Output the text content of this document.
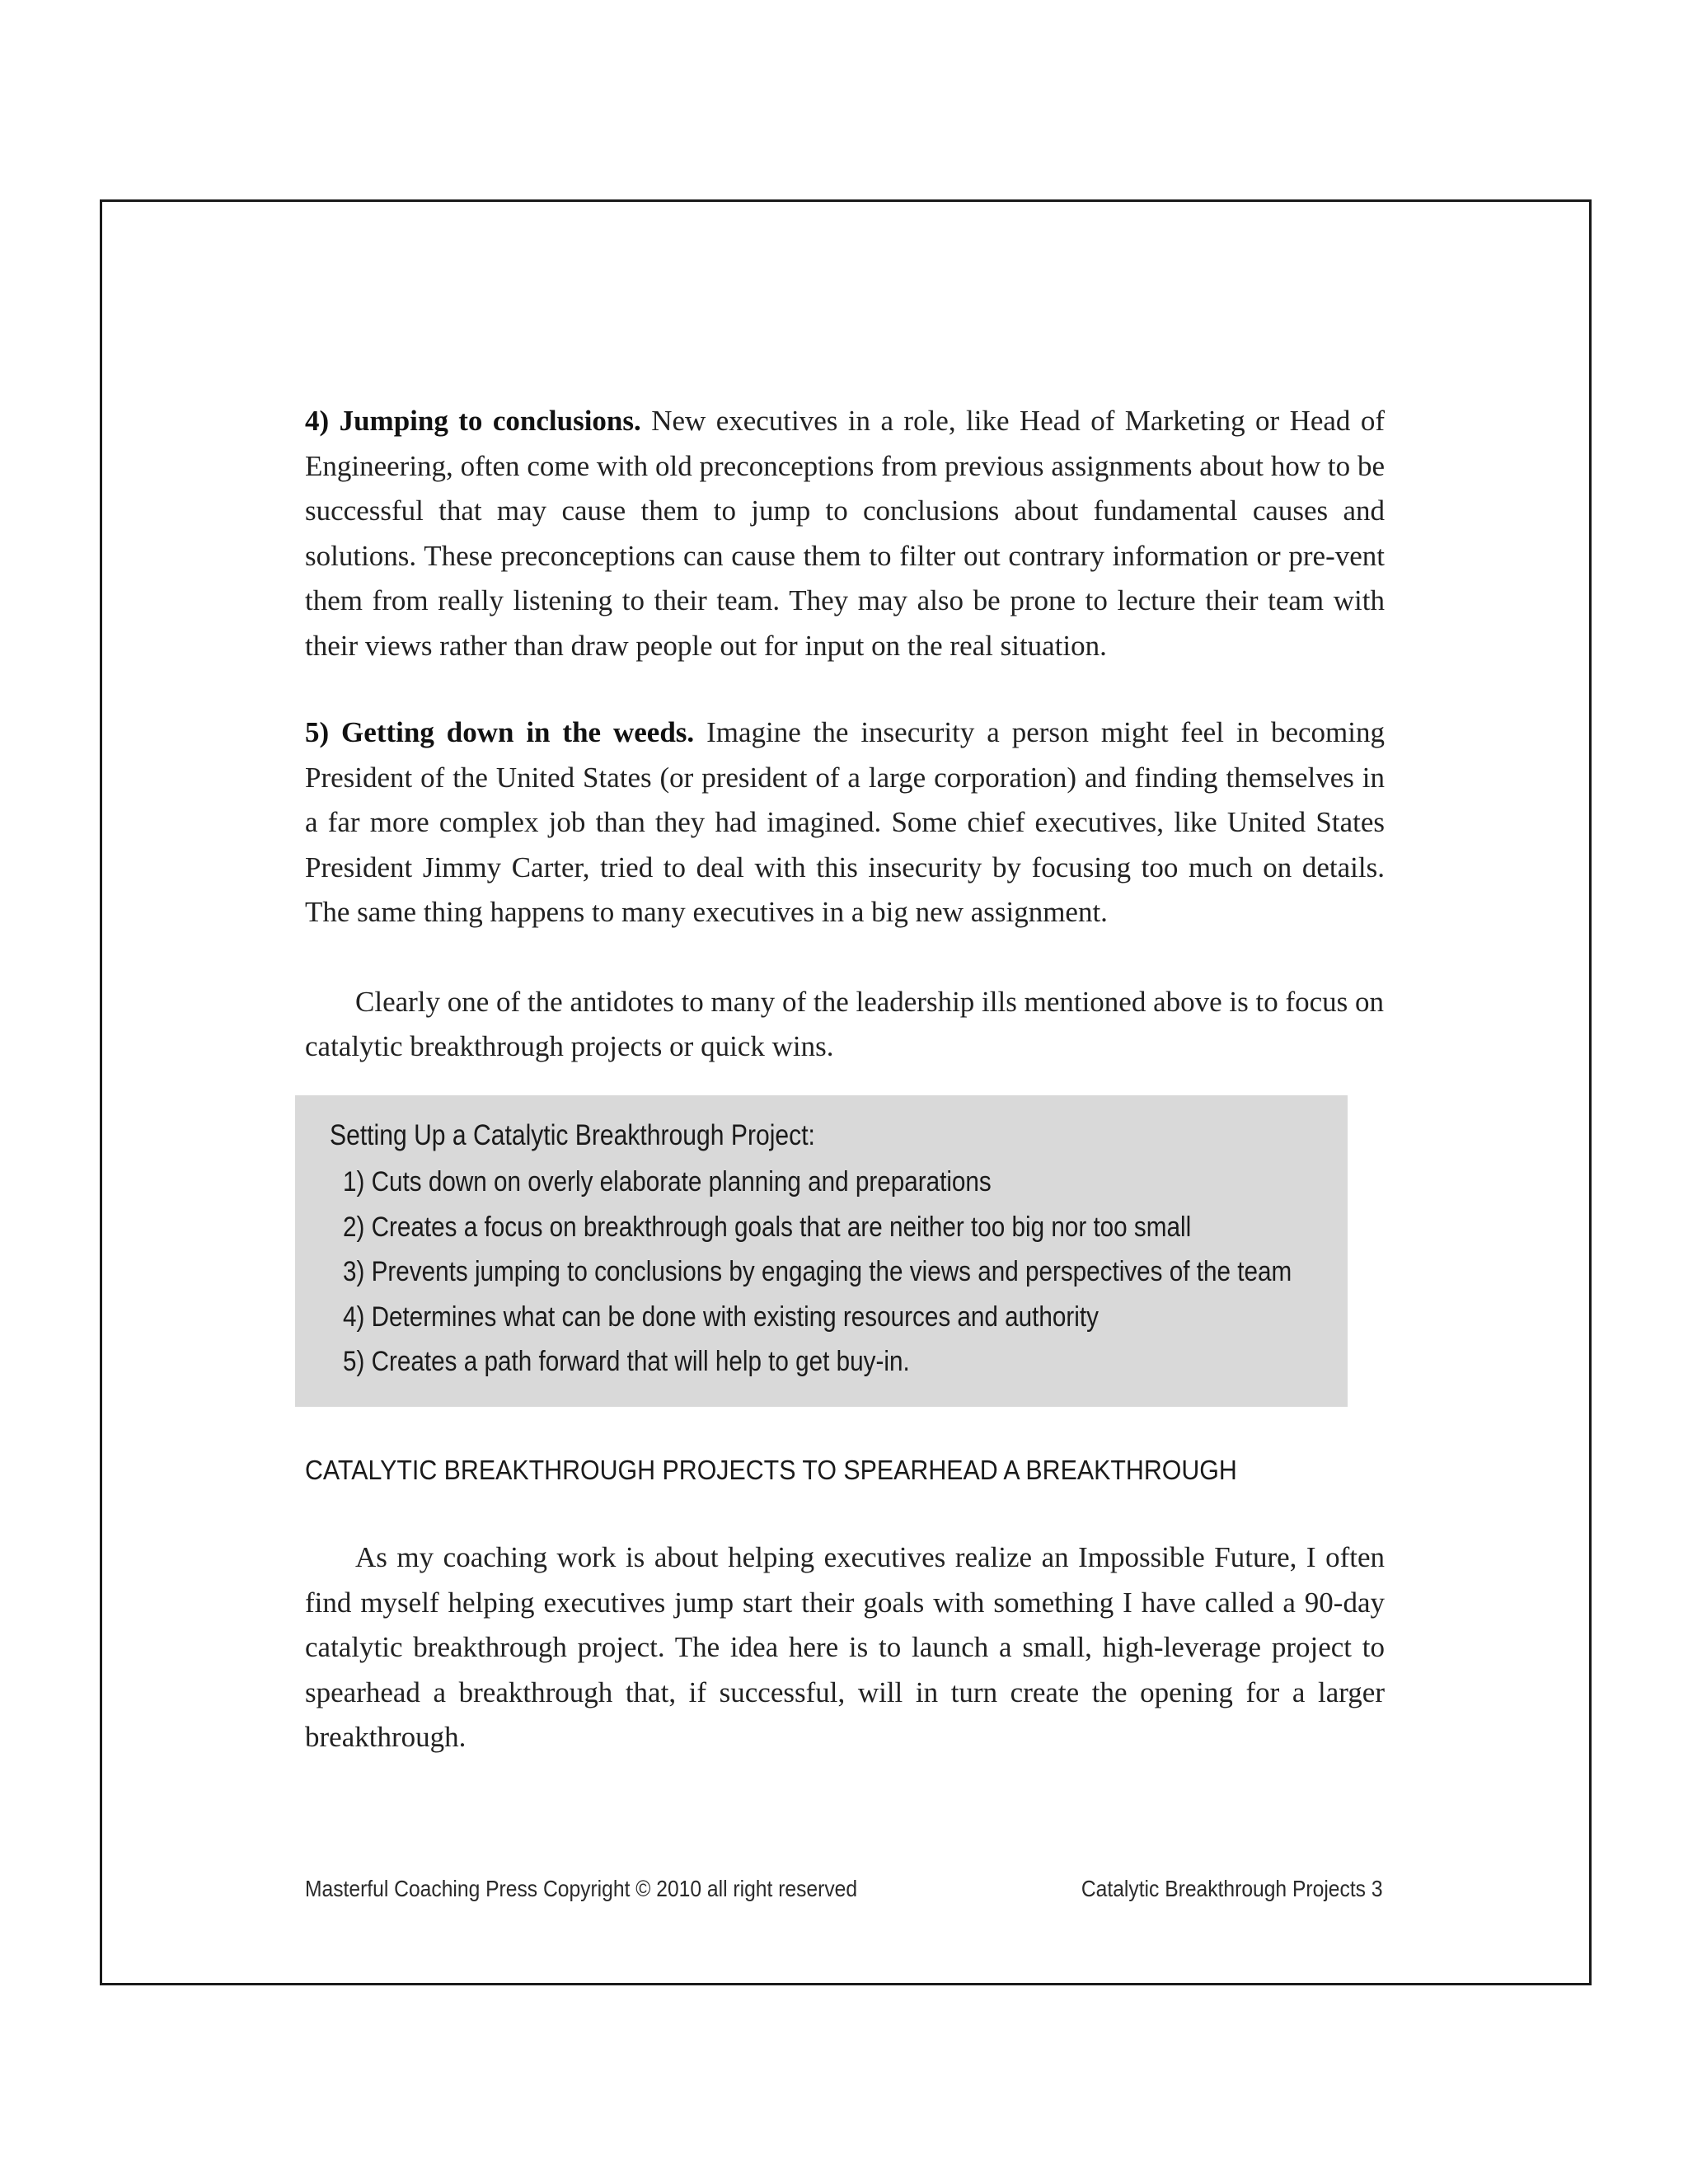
4) Jumping to conclusions. New executives in a role, like Head of Marketing or Head of Engineering, often come with old preconceptions from previous assignments about how to be successful that may cause them to jump to conclusions about fundamental causes and solutions. These preconceptions can cause them to filter out contrary information or pre-vent them from really listening to their team. They may also be prone to lecture their team with their views rather than draw people out for input on the real situation.

5) Getting down in the weeds. Imagine the insecurity a person might feel in becoming President of the United States (or president of a large corporation) and finding themselves in a far more complex job than they had imagined. Some chief executives, like United States President Jimmy Carter, tried to deal with this insecurity by focusing too much on details. The same thing happens to many executives in a big new assignment.

Clearly one of the antidotes to many of the leadership ills mentioned above is to focus on catalytic breakthrough projects or quick wins.

Setting Up a Catalytic Breakthrough Project:
1) Cuts down on overly elaborate planning and preparations
2) Creates a focus on breakthrough goals that are neither too big nor too small
3) Prevents jumping to conclusions by engaging the views and perspectives of the team
4) Determines what can be done with existing resources and authority
5) Creates a path forward that will help to get buy-in.
CATALYTIC BREAKTHROUGH PROJECTS TO SPEARHEAD A BREAKTHROUGH

As my coaching work is about helping executives realize an Impossible Future, I often find myself helping executives jump start their goals with something I have called a 90-day catalytic breakthrough project. The idea here is to launch a small, high-leverage project to spearhead a breakthrough that, if successful, will in turn create the opening for a larger breakthrough.

Masterful Coaching Press Copyright © 2010 all right reserved	Catalytic Breakthrough Projects 3
